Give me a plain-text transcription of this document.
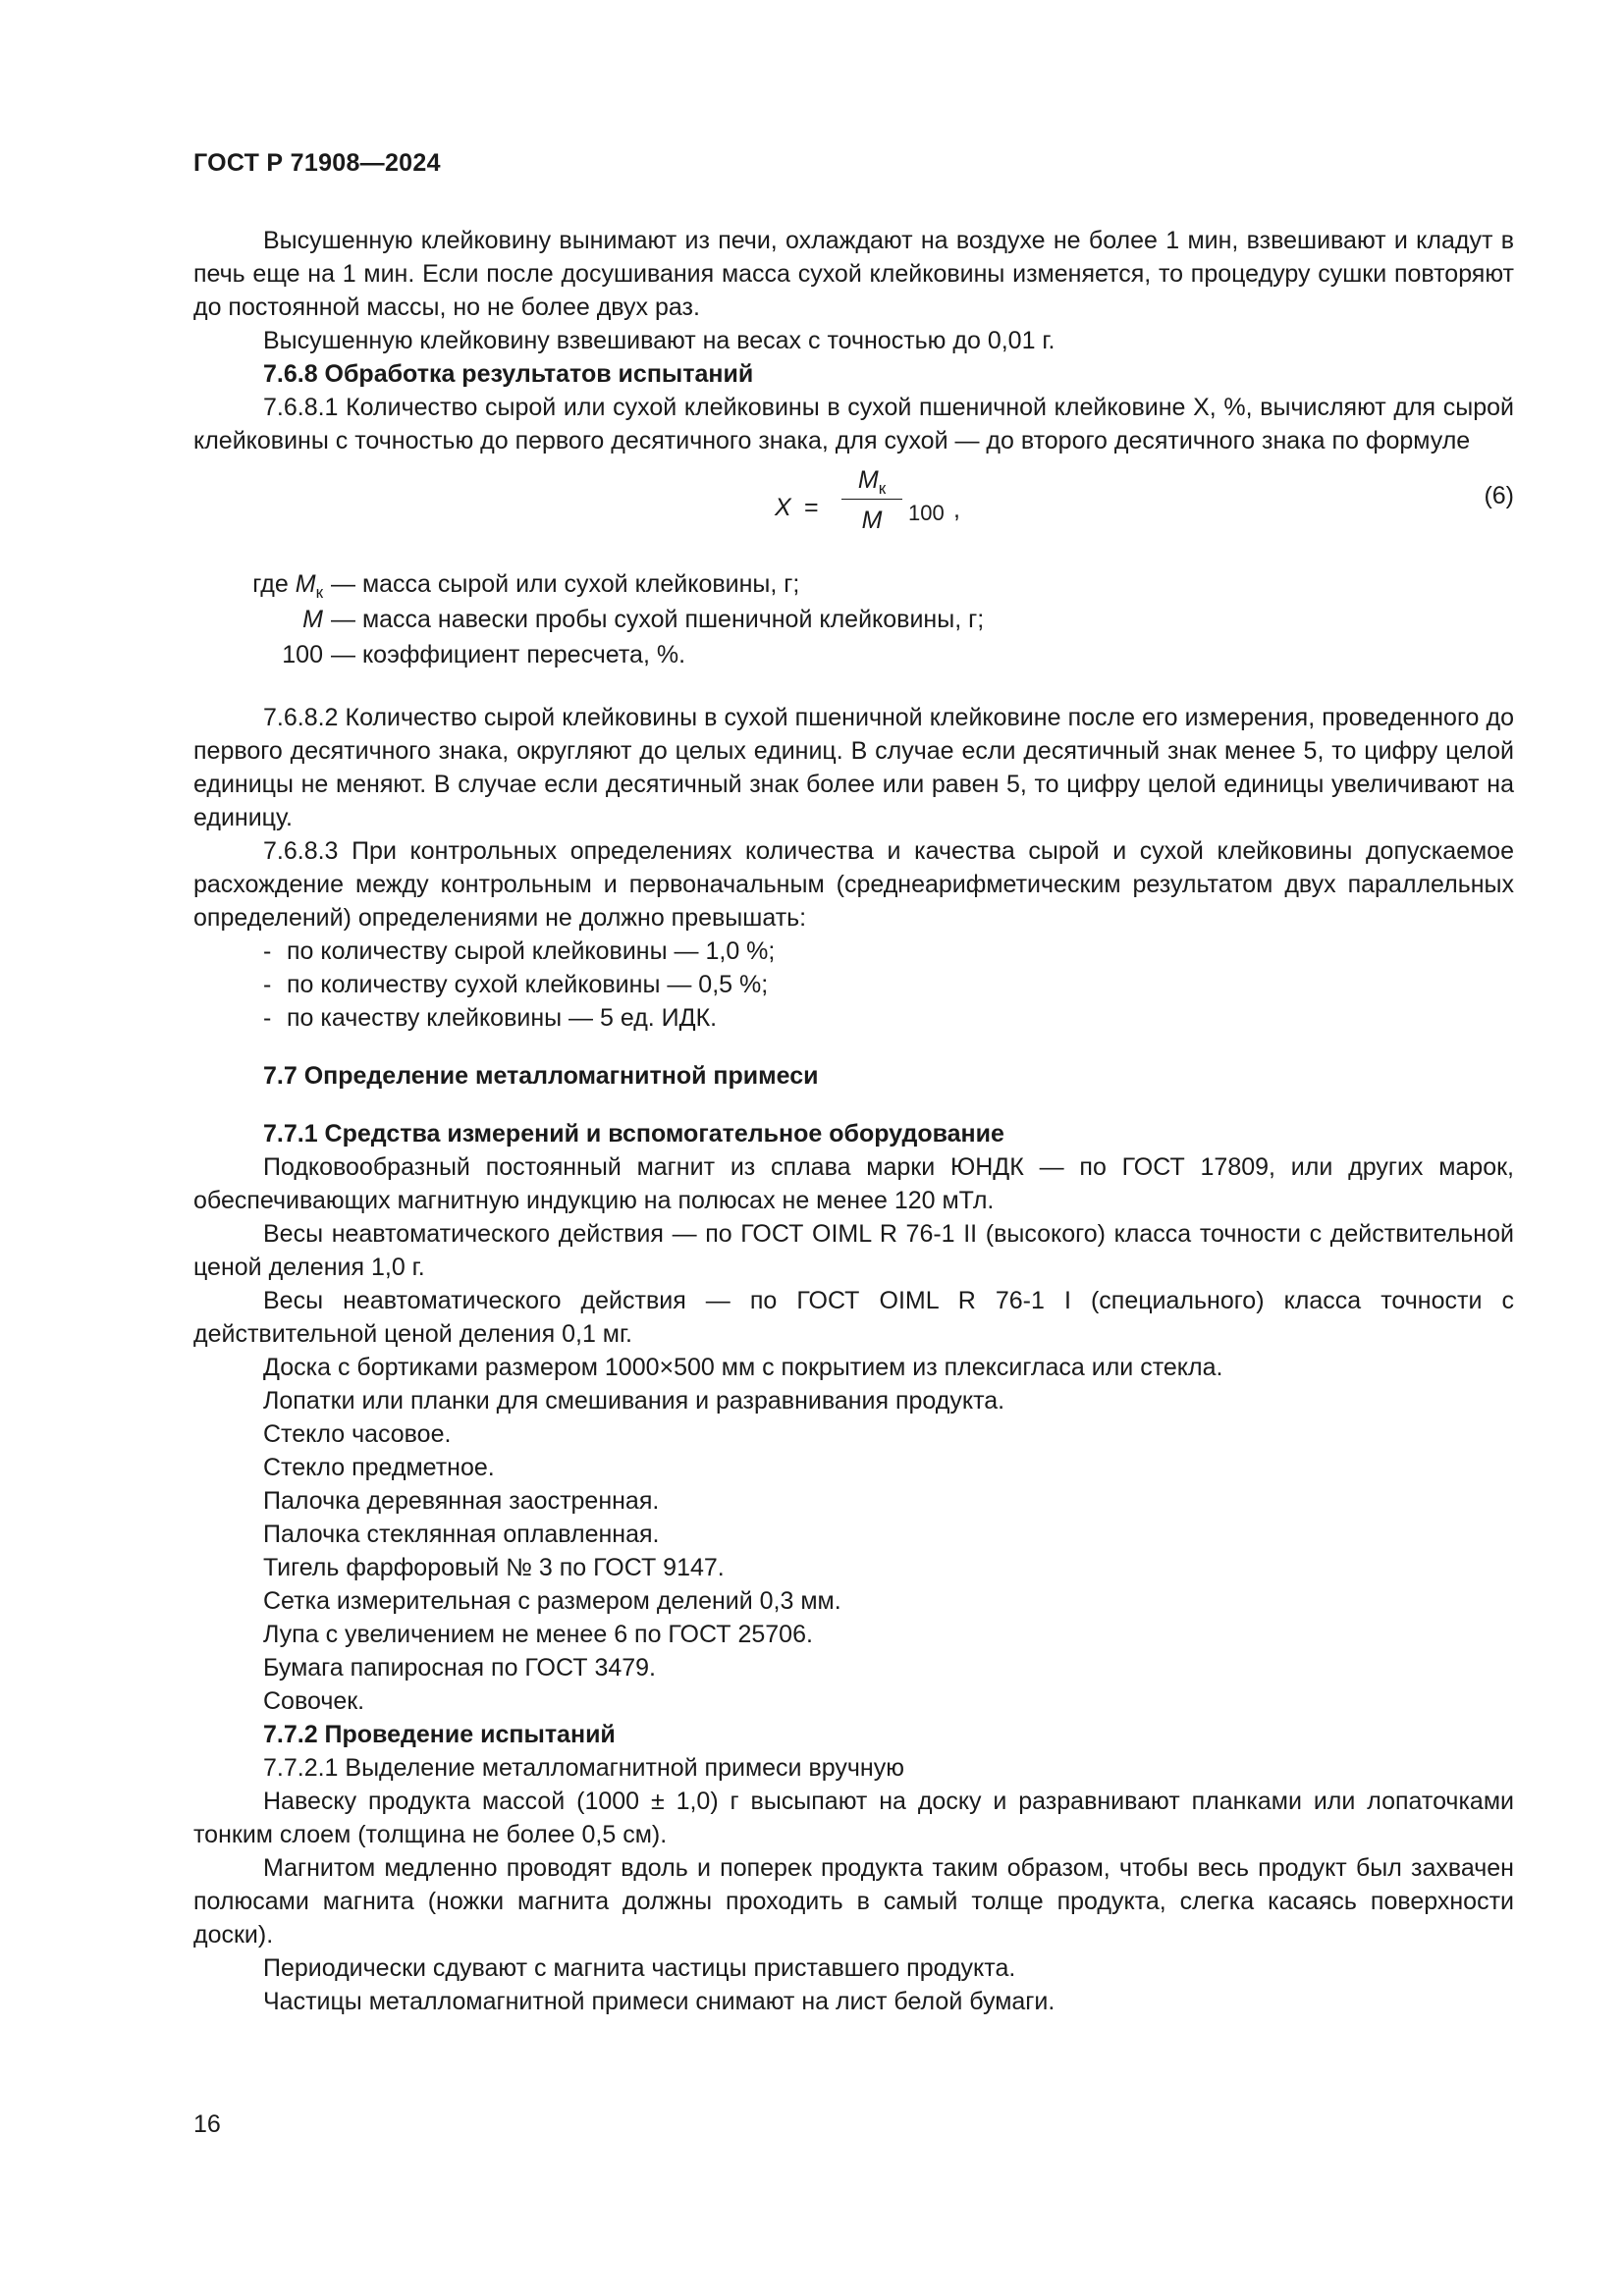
ГОСТ Р 71908—2024

Высушенную клейковину вынимают из печи, охлаждают на воздухе не более 1 мин, взвешивают и кладут в печь еще на 1 мин. Если после досушивания масса сухой клейковины изменяется, то процедуру сушки повторяют до постоянной массы, но не более двух раз.

Высушенную клейковину взвешивают на весах с точностью до 0,01 г.

7.6.8 Обработка результатов испытаний

7.6.8.1 Количество сырой или сухой клейковины в сухой пшеничной клейковине X, %, вычисляют для сырой клейковины с точностью до первого десятичного знака, для сухой — до второго десятичного знака по формуле

X =
$M_к$
M	100 ,	(6)
где $M_к$ — масса сырой или сухой клейковины, г;
M — масса навески пробы сухой пшеничной клейковины, г;
100 — коэффициент пересчета, %.

7.6.8.2 Количество сырой клейковины в сухой пшеничной клейковине после его измерения, проведенного до первого десятичного знака, округляют до целых единиц. В случае если десятичный знак менее 5, то цифру целой единицы не меняют. В случае если десятичный знак более или равен 5, то цифру целой единицы увеличивают на единицу.

7.6.8.3 При контрольных определениях количества и качества сырой и сухой клейковины допускаемое расхождение между контрольным и первоначальным (среднеарифметическим результатом двух параллельных определений) определениями не должно превышать:

- по количеству сырой клейковины — 1,0 %;

- по количеству сухой клейковины — 0,5 %;

- по качеству клейковины — 5 ед. ИДК.

7.7 Определение металломагнитной примеси

7.7.1 Средства измерений и вспомогательное оборудование

Подковообразный постоянный магнит из сплава марки ЮНДК — по ГОСТ 17809, или других марок, обеспечивающих магнитную индукцию на полюсах не менее 120 мТл.

Весы неавтоматического действия — по ГОСТ OIML R 76-1 II (высокого) класса точности с действительной ценой деления 1,0 г.

Весы неавтоматического действия — по ГОСТ OIML R 76-1 I (специального) класса точности с действительной ценой деления 0,1 мг.

Доска с бортиками размером 1000×500 мм с покрытием из плексигласа или стекла.

Лопатки или планки для смешивания и разравнивания продукта.

Стекло часовое.

Стекло предметное.

Палочка деревянная заостренная.

Палочка стеклянная оплавленная.

Тигель фарфоровый № 3 по ГОСТ 9147.

Сетка измерительная с размером делений 0,3 мм.

Лупа с увеличением не менее 6 по ГОСТ 25706.

Бумага папиросная по ГОСТ 3479.

Совочек.

7.7.2 Проведение испытаний

7.7.2.1 Выделение металломагнитной примеси вручную

Навеску продукта массой (1000 ± 1,0) г высыпают на доску и разравнивают планками или лопаточками тонким слоем (толщина не более 0,5 см).

Магнитом медленно проводят вдоль и поперек продукта таким образом, чтобы весь продукт был захвачен полюсами магнита (ножки магнита должны проходить в самый толще продукта, слегка касаясь поверхности доски).

Периодически сдувают с магнита частицы приставшего продукта.

Частицы металломагнитной примеси снимают на лист белой бумаги.

16
